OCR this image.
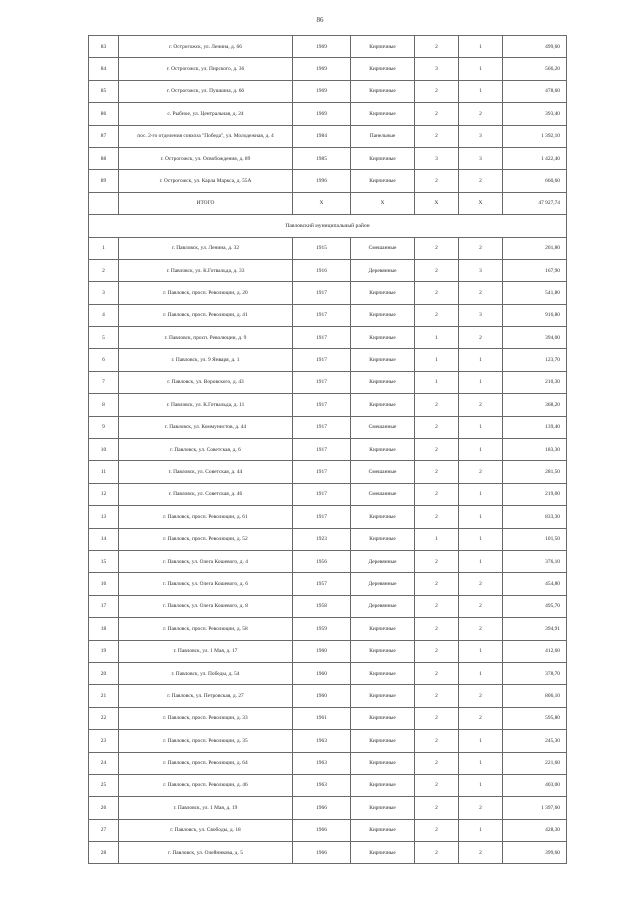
86
83	г. Острогожск, ул. Ленина, д. 66	1969	Кирпичные	2	1	499,60
84	г. Острогожск, ул. Пирского, д. 36	1969	Кирпичные	3	1	566,20
85	г. Острогожск, ул. Пушкина, д. 66	1969	Кирпичные	2	1	478,60
86	с. Рыбное, ул. Центральная, д. 24	1969	Кирпичные	2	2	393,40
87	пос. 2-го отделения совхоза "Победа", ул. Молодежная, д. 4	1984	Панельные	2	3	1 392,10
88	г. Острогожск, ул. Освобождения, д. 89	1985	Кирпичные	3	3	1 422,40
89	г. Острогожск, ул. Карла Маркса, д. 55А	1996	Кирпичные	2	2	660,60
	ИТОГО	X	X	X	X	47 927,74
Павловский муниципальный район						
1	г. Павловск, ул. Ленина, д. 32	1915	Смешанные	2	2	201,80
2	г. Павловск, ул. К.Готвальда, д. 33	1916	Деревянные	2	3	167,90
3	г. Павловск, просп. Революции, д. 20	1917	Кирпичные	2	2	541,80
4	г. Павловск, просп. Революции, д. 41	1917	Кирпичные	2	3	916,80
5	г. Павловск, просп. Революции, д. 9	1917	Кирпичные	1	2	394,00
6	г. Павловск, ул. 9 Января, д. 1	1917	Кирпичные	1	1	123,70
7	г. Павловск, ул. Воровского, д. 43	1917	Кирпичные	1	1	210,30
8	г. Павловск, ул. К.Готвальда, д. 11	1917	Кирпичные	2	2	368,20
9	г. Павловск, ул. Коммунистов, д. 44	1917	Смешанные	2	1	139,40
10	г. Павловск, ул. Советская, д. 6	1917	Кирпичные	2	1	183,30
11	г. Павловск, ул. Советская, д. 44	1917	Смешанные	2	2	281,50
12	г. Павловск, ул. Советская, д. 46	1917	Смешанные	2	1	219,00
13	г. Павловск, просп. Революции, д. 61	1917	Кирпичные	2	1	833,30
14	г. Павловск, просп. Революции, д. 52	1923	Кирпичные	1	1	101,50
15	г. Павловск, ул. Олега Кошевого, д. 4	1956	Деревянные	2	1	376,10
16	г. Павловск, ул. Олега Кошевого, д. 6	1957	Деревянные	2	2	454,80
17	г. Павловск, ул. Олега Кошевого, д. 8	1958	Деревянные	2	2	495,70
18	г. Павловск, просп. Революции, д. 58	1959	Кирпичные	2	2	394,91
19	г. Павловск, ул. 1 Мая, д. 17	1960	Кирпичные	2	1	412,60
20	г. Павловск, ул. Победы, д. 54	1960	Кирпичные	2	1	378,70
21	г. Павловск, ул. Петровская, д. 27	1960	Кирпичные	2	2	806,10
22	г. Павловск, просп. Революции, д. 33	1961	Кирпичные	2	2	595,80
23	г. Павловск, просп. Революции, д. 35	1963	Кирпичные	2	1	245,30
24	г. Павловск, просп. Революции, д. 64	1963	Кирпичные	2	1	221,60
25	г. Павловск, просп. Революции, д. 46	1963	Кирпичные	2	1	403,00
26	г. Павловск, ул. 1 Мая, д. 19	1966	Кирпичные	2	2	1 397,60
27	г. Павловск, ул. Свободы, д. 18	1966	Кирпичные	2	1	428,30
28	г. Павловск, ул. Олейникова, д. 5	1966	Кирпичные	2	2	399,60
